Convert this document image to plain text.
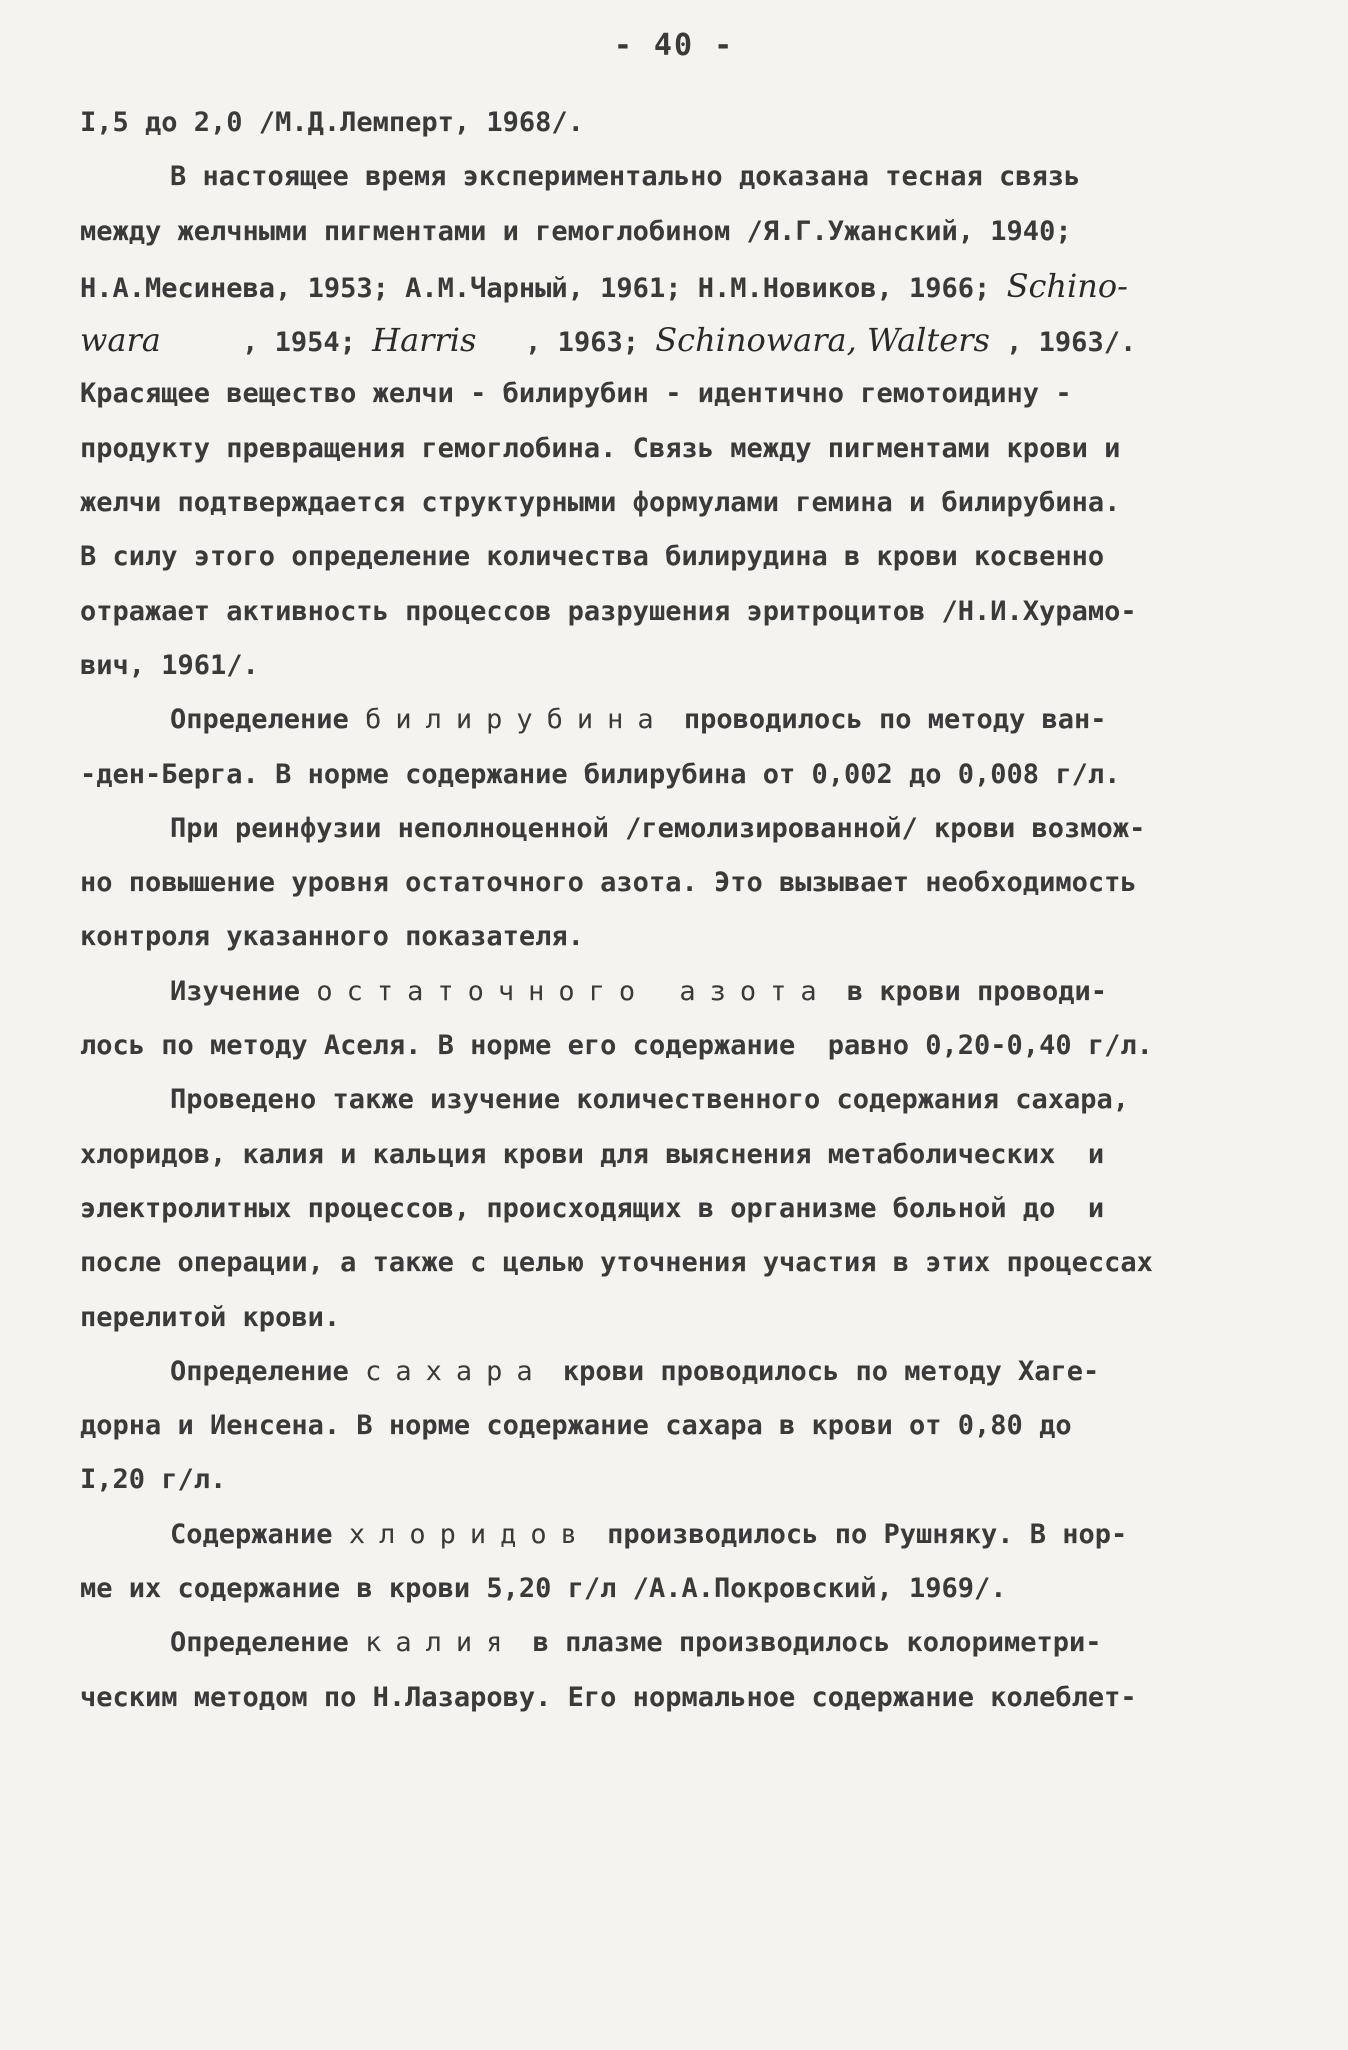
- 40 -
I,5 до 2,0 /М.Д.Лемперт, 1968/.
В настоящее время экспериментально доказана тесная связь
между желчными пигментами и гемоглобином /Я.Г.Ужанский, 1940;
Н.А.Месинева, 1953; А.М.Чарный, 1961; Н.М.Новиков, 1966; Schino-
wara     , 1954; Harris   , 1963; Schinowara, Walters , 1963/.
Красящее вещество желчи - билирубин - идентично гемотоидину -
продукту превращения гемоглобина. Связь между пигментами крови и
желчи подтверждается структурными формулами гемина и билирубина.
В силу этого определение количества билирудина в крови косвенно
отражает активность процессов разрушения эритроцитов /Н.И.Хурамо-
вич, 1961/.
Определение билирубина проводилось по методу ван-
-ден-Берга. В норме содержание билирубина от 0,002 до 0,008 г/л.
При реинфузии неполноценной /гемолизированной/ крови возмож-
но повышение уровня остаточного азота. Это вызывает необходимость
контроля указанного показателя.
Изучение остаточного азота в крови проводи-
лось по методу Аселя. В норме его содержание  равно 0,20-0,40 г/л.
Проведено также изучение количественного содержания сахара,
хлоридов, калия и кальция крови для выяснения метаболических  и
электролитных процессов, происходящих в организме больной до  и
после операции, а также с целью уточнения участия в этих процессах
перелитой крови.
Определение сахара крови проводилось по методу Хаге-
дорна и Иенсена. В норме содержание сахара в крови от 0,80 до
I,20 г/л.
Содержание хлоридов производилось по Рушняку. В нор-
ме их содержание в крови 5,20 г/л /А.А.Покровский, 1969/.
Определение калия в плазме производилось колориметри-
ческим методом по Н.Лазарову. Его нормальное содержание колеблет-
